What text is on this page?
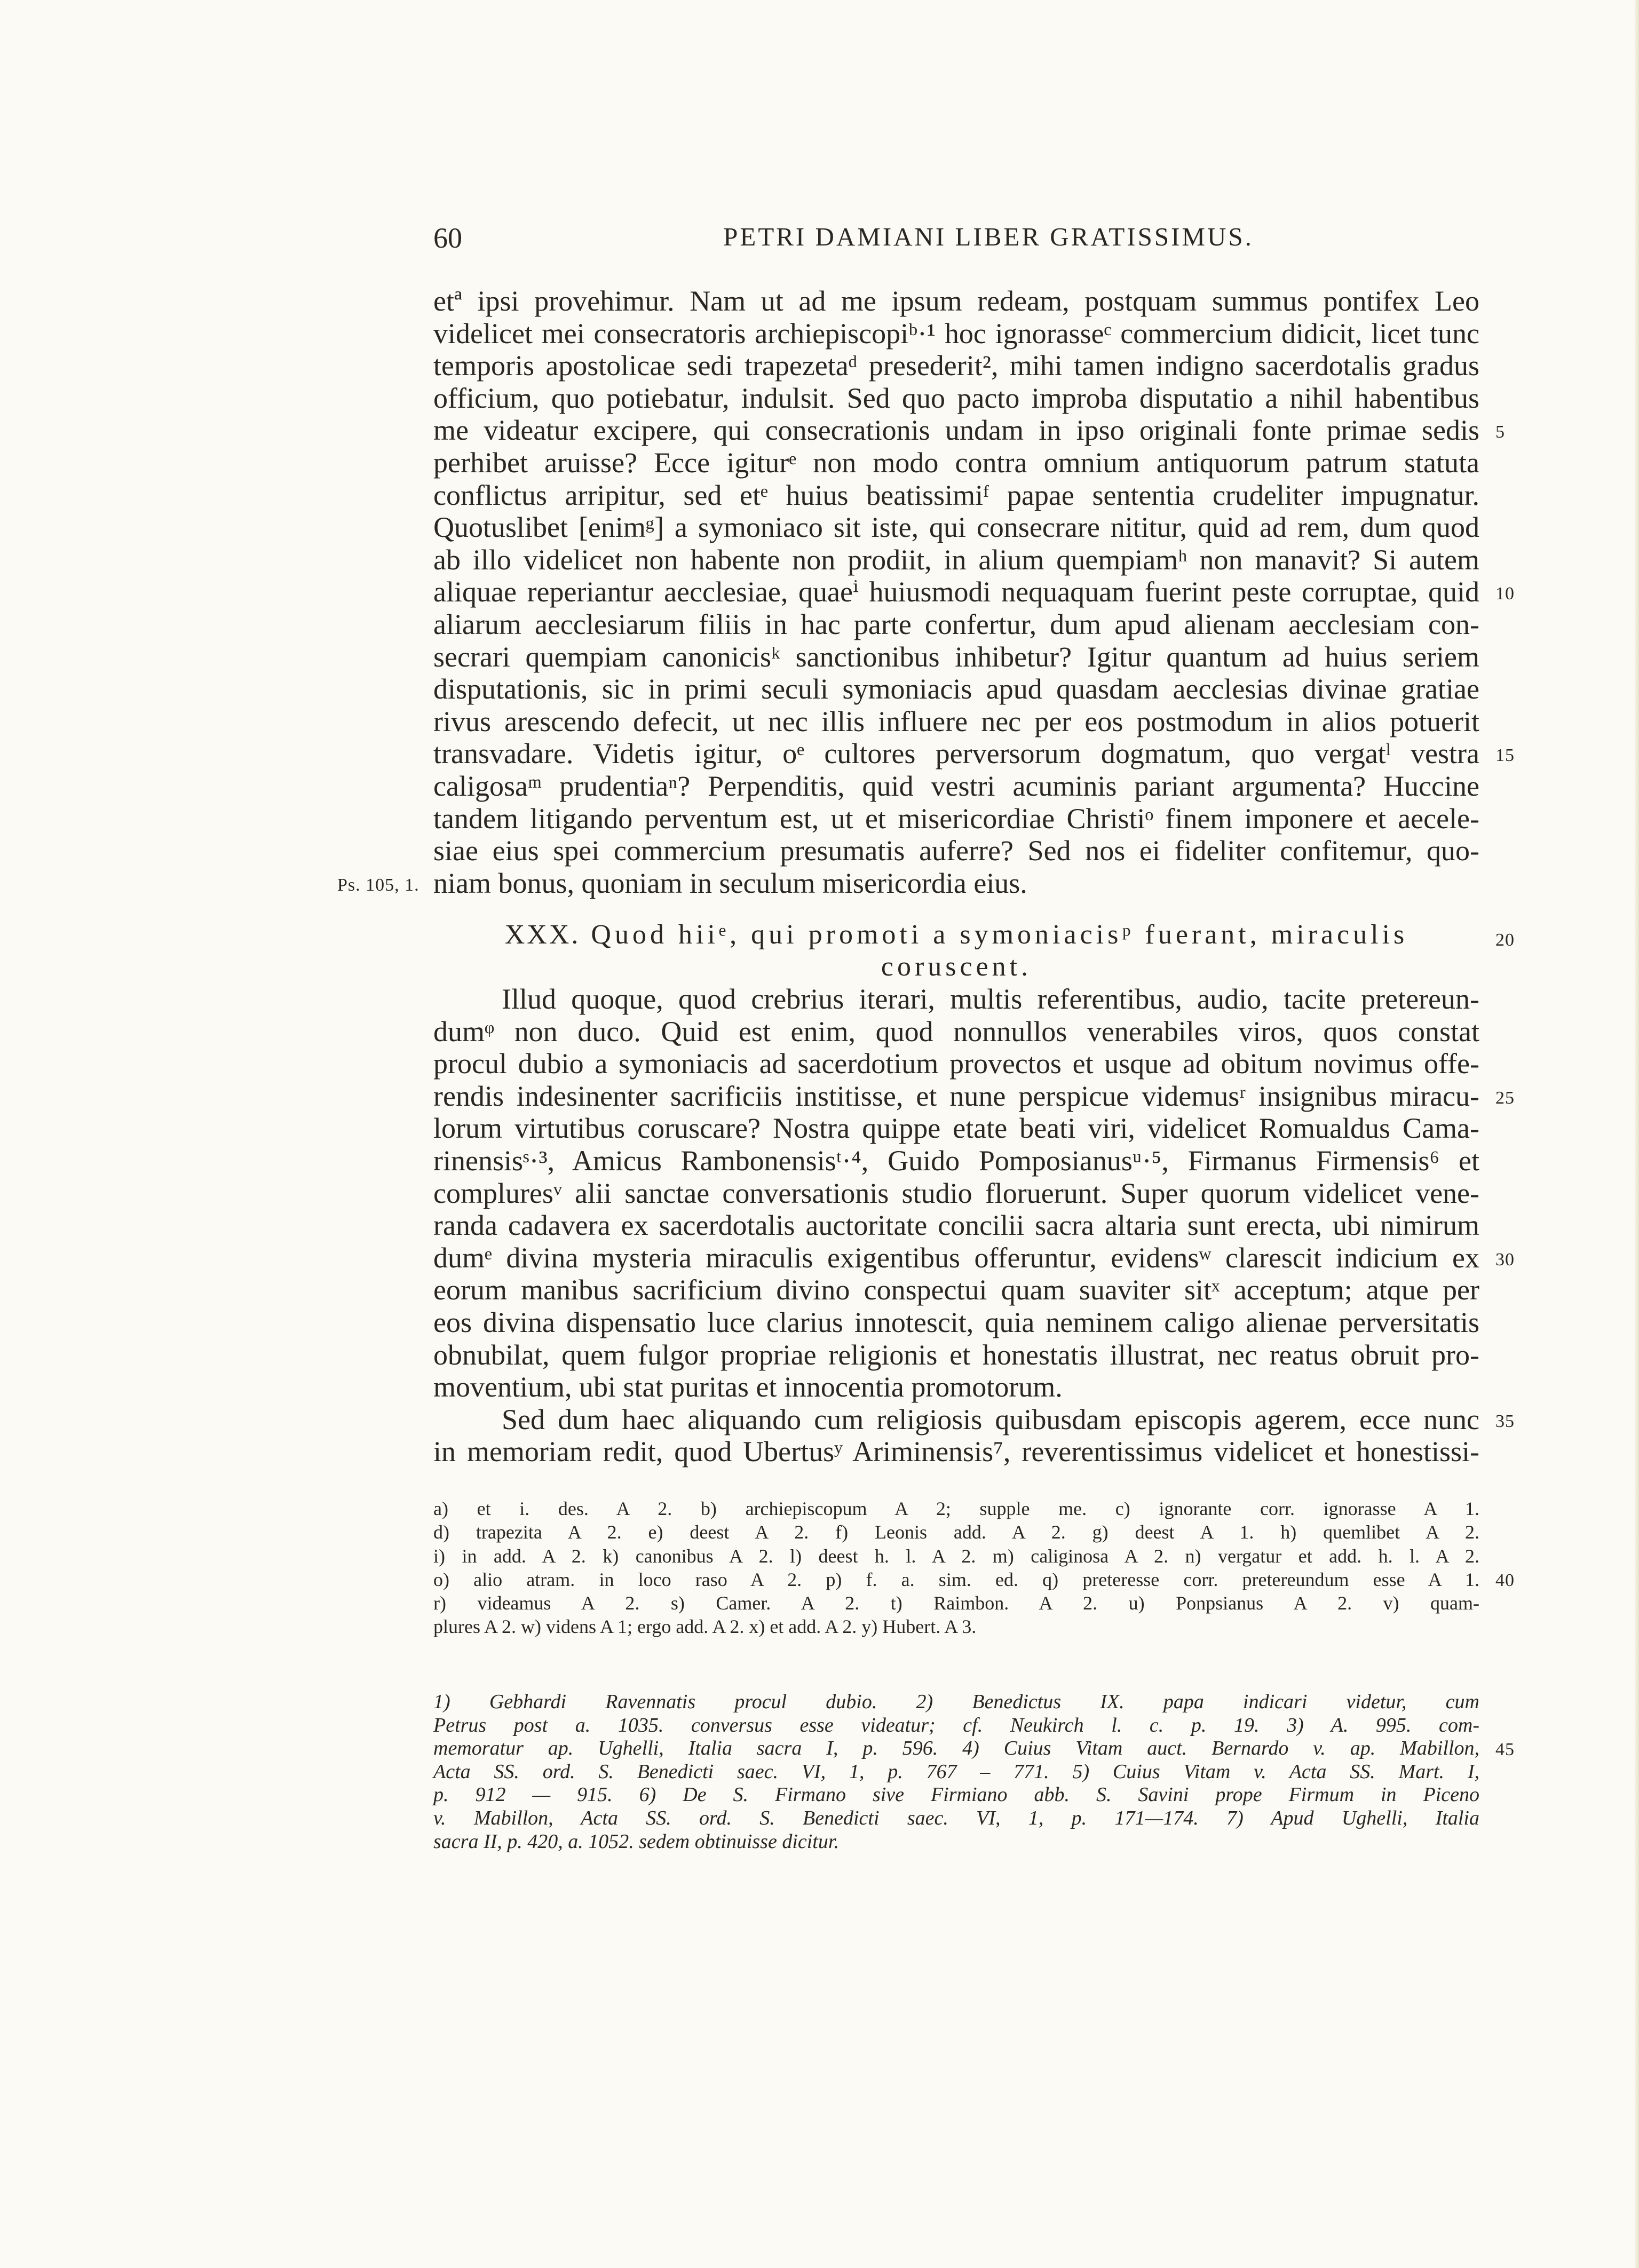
60	PETRI DAMIANI LIBER GRATISSIMUS.
etª ipsi provehimur. Nam ut ad me ipsum redeam, postquam summus pontifex Leo
videlicet mei consecratoris archiepiscopiᵇ·¹ hoc ignorasseᶜ commercium didicit, licet tunc
temporis apostolicae sedi trapezetaᵈ presederit², mihi tamen indigno sacerdotalis gradus
officium, quo potiebatur, indulsit. Sed quo pacto improba disputatio a nihil habentibus
me videatur excipere, qui consecrationis undam in ipso originali fonte primae sedis 5
perhibet aruisse? Ecce igiturᵉ non modo contra omnium antiquorum patrum statuta
conflictus arripitur, sed etᵉ huius beatissimiᶠ papae sententia crudeliter impugnatur.
Quotuslibet [enimᵍ] a symoniaco sit iste, qui consecrare nititur, quid ad rem, dum quod
ab illo videlicet non habente non prodiit, in alium quempiamʰ non manavit? Si autem
aliquae reperiantur aecclesiae, quaeⁱ huiusmodi nequaquam fuerint peste corruptae, quid 10
aliarum aecclesiarum filiis in hac parte confertur, dum apud alienam aecclesiam con-
secrari quempiam canonicisᵏ sanctionibus inhibetur? Igitur quantum ad huius seriem
disputationis, sic in primi seculi symoniacis apud quasdam aecclesias divinae gratiae
rivus arescendo defecit, ut nec illis influere nec per eos postmodum in alios potuerit
transvadare. Videtis igitur, oᵉ cultores perversorum dogmatum, quo vergatˡ vestra 15
caligosaᵐ prudentiaⁿ? Perpenditis, quid vestri acuminis pariant argumenta? Huccine
tandem litigando perventum est, ut et misericordiae Christiᵒ finem imponere et aecele-
siae eius spei commercium presumatis auferre? Sed nos ei fideliter confitemur, quo-
Ps. 105, 1. niam bonus, quoniam in seculum misericordia eius.
XXX. Quod hiiᵉ, qui promoti a symoniacisᵖ fuerant, miraculis	20
coruscent.
Illud quoque, quod crebrius iterari, multis referentibus, audio, tacite pretereun-
dumᵠ non duco. Quid est enim, quod nonnullos venerabiles viros, quos constat
procul dubio a symoniacis ad sacerdotium provectos et usque ad obitum novimus offe-
rendis indesinenter sacrificiis institisse, et nune perspicue videmusʳ insignibus miracu- 25
lorum virtutibus coruscare? Nostra quippe etate beati viri, videlicet Romualdus Cama-
rinensisˢ·³, Amicus Rambonensisᵗ·⁴, Guido Pomposianusᵘ·⁵, Firmanus Firmensis⁶ et
compluresᵛ alii sanctae conversationis studio floruerunt. Super quorum videlicet vene-
randa cadavera ex sacerdotalis auctoritate concilii sacra altaria sunt erecta, ubi nimirum
dumᵉ divina mysteria miraculis exigentibus offeruntur, evidensʷ clarescit indicium ex 30
eorum manibus sacrificium divino conspectui quam suaviter sitˣ acceptum; atque per
eos divina dispensatio luce clarius innotescit, quia neminem caligo alienae perversitatis
obnubilat, quem fulgor propriae religionis et honestatis illustrat, nec reatus obruit pro-
moventium, ubi stat puritas et innocentia promotorum.
Sed dum haec aliquando cum religiosis quibusdam episcopis agerem, ecce nunc 35
in memoriam redit, quod Ubertusʸ Ariminensis⁷, reverentissimus videlicet et honestissi-
a) et i. des. A 2. b) archiepiscopum A 2; supple me. c) ignorante corr. ignorasse A 1.
d) trapezita A 2. e) deest A 2. f) Leonis add. A 2. g) deest A 1. h) quemlibet A 2.
i) in add. A 2. k) canonibus A 2. l) deest h. l. A 2. m) caliginosa A 2. n) vergatur et add. h. l. A 2.
o) alio atram. in loco raso A 2. p) f. a. sim. ed. q) preteresse corr. pretereundum esse A 1. 40
r) videamus A 2. s) Camer. A 2. t) Raimbon. A 2. u) Ponpsianus A 2. v) quam-
plures A 2. w) videns A 1; ergo add. A 2. x) et add. A 2. y) Hubert. A 3.
1) Gebhardi Ravennatis procul dubio. 2) Benedictus IX. papa indicari videtur, cum
Petrus post a. 1035. conversus esse videatur; cf. Neukirch l. c. p. 19. 3) A. 995. com-
memoratur ap. Ughelli, Italia sacra I, p. 596. 4) Cuius Vitam auct. Bernardo v. ap. Mabillon, 45
Acta SS. ord. S. Benedicti saec. VI, 1, p. 767 – 771. 5) Cuius Vitam v. Acta SS. Mart. I,
p. 912 — 915. 6) De S. Firmano sive Firmiano abb. S. Savini prope Firmum in Piceno
v. Mabillon, Acta SS. ord. S. Benedicti saec. VI, 1, p. 171—174. 7) Apud Ughelli, Italia
sacra II, p. 420, a. 1052. sedem obtinuisse dicitur.
